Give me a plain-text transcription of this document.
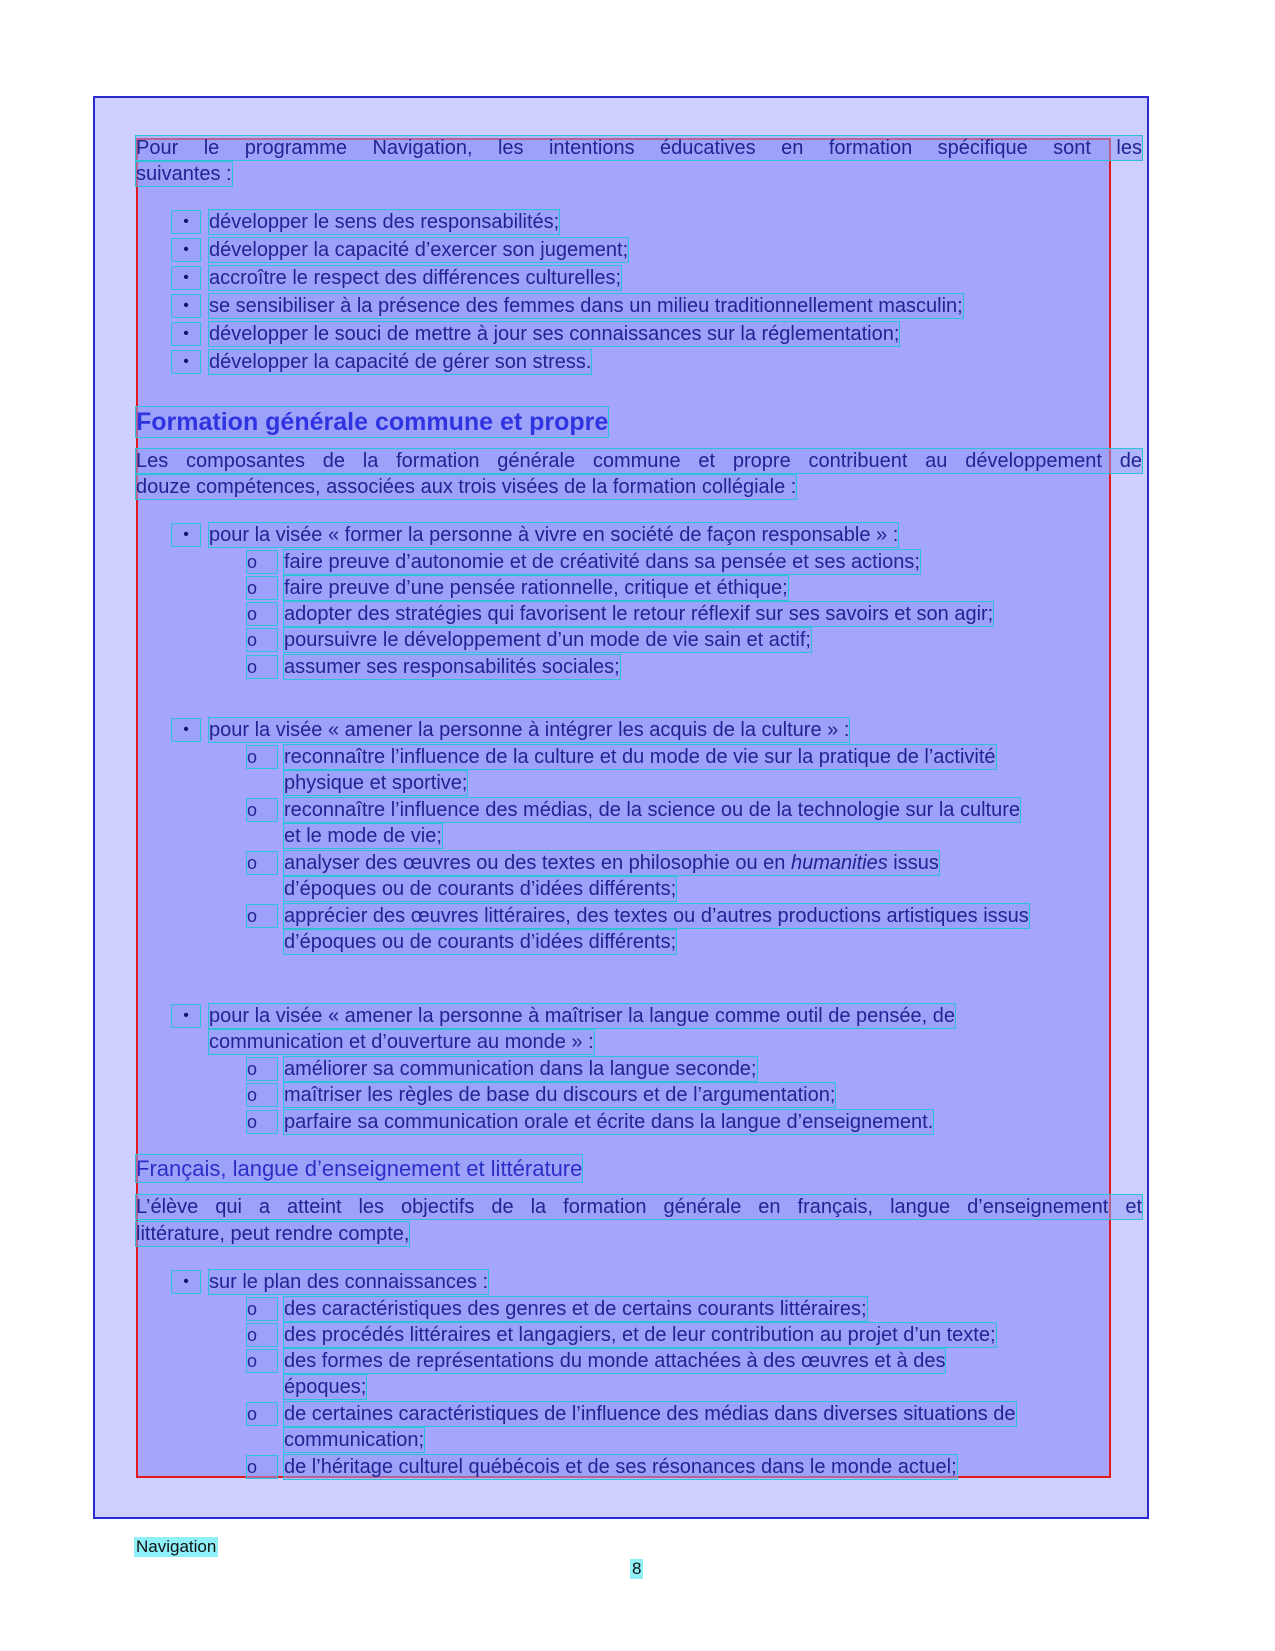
Pour le programme Navigation, les intentions éducatives en formation spécifique sont les
suivantes :
•	développer le sens des responsabilités;
•	développer la capacité d’exercer son jugement;
•	accroître le respect des différences culturelles;
•	se sensibiliser à la présence des femmes dans un milieu traditionnellement masculin;
•	développer le souci de mettre à jour ses connaissances sur la réglementation;
•	développer la capacité de gérer son stress.
Formation générale commune et propre
Les composantes de la formation générale commune et propre contribuent au développement de
douze compétences, associées aux trois visées de la formation collégiale :
•	pour la visée « former la personne à vivre en société de façon responsable » :
o	faire preuve d’autonomie et de créativité dans sa pensée et ses actions;
o	faire preuve d’une pensée rationnelle, critique et éthique;
o	adopter des stratégies qui favorisent le retour réflexif sur ses savoirs et son agir;
o	poursuivre le développement d’un mode de vie sain et actif;
o	assumer ses responsabilités sociales;
•	pour la visée « amener la personne à intégrer les acquis de la culture » :
o	reconnaître l’influence de la culture et du mode de vie sur la pratique de l’activité
physique et sportive;
o	reconnaître l’influence des médias, de la science ou de la technologie sur la culture
et le mode de vie;
o	analyser des œuvres ou des textes en philosophie ou en humanities issus
d’époques ou de courants d’idées différents;
o	apprécier des œuvres littéraires, des textes ou d’autres productions artistiques issus
d’époques ou de courants d’idées différents;
•	pour la visée « amener la personne à maîtriser la langue comme outil de pensée, de
communication et d’ouverture au monde » :
o	améliorer sa communication dans la langue seconde;
o	maîtriser les règles de base du discours et de l’argumentation;
o	parfaire sa communication orale et écrite dans la langue d’enseignement.
Français, langue d’enseignement et littérature
L’élève qui a atteint les objectifs de la formation générale en français, langue d’enseignement et
littérature, peut rendre compte,
•	sur le plan des connaissances :
o	des caractéristiques des genres et de certains courants littéraires;
o	des procédés littéraires et langagiers, et de leur contribution au projet d’un texte;
o	des formes de représentations du monde attachées à des œuvres et à des
époques;
o	de certaines caractéristiques de l’influence des médias dans diverses situations de
communication;
o	de l’héritage culturel québécois et de ses résonances dans le monde actuel;
Navigation
8
